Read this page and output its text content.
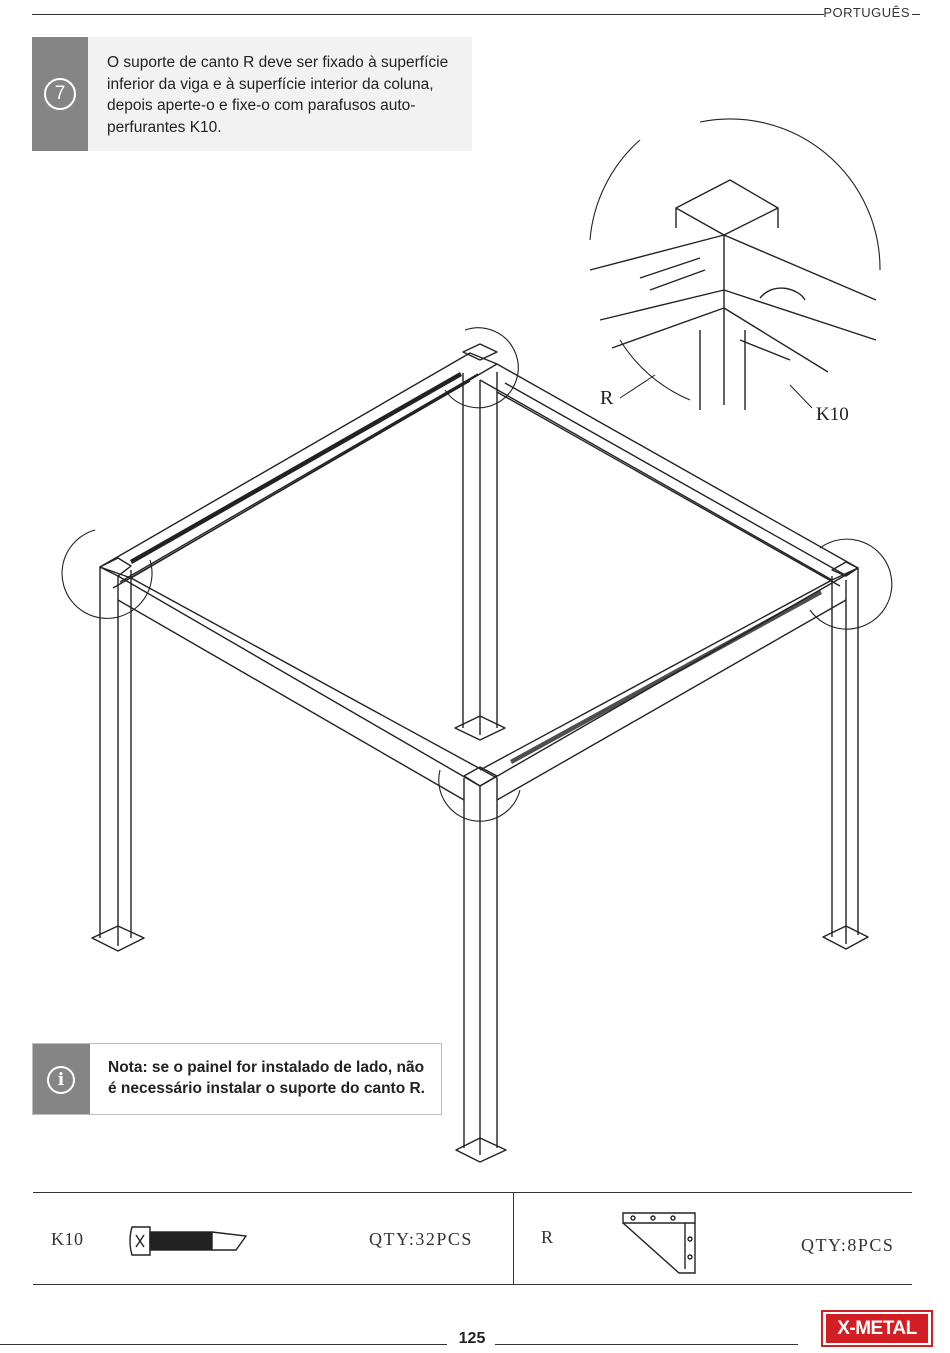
PORTUGUÊS
7
O suporte de canto R deve ser fixado à superfície inferior da viga e à superfície interior da coluna, depois aperte-o e fixe-o com parafusos auto-perfurantes K10.
R
K10
i
Nota: se o painel for instalado de lado, não é necessário instalar o suporte do canto R.
K10	QTY:32PCS	R	QTY:8PCS
125	X-METAL
